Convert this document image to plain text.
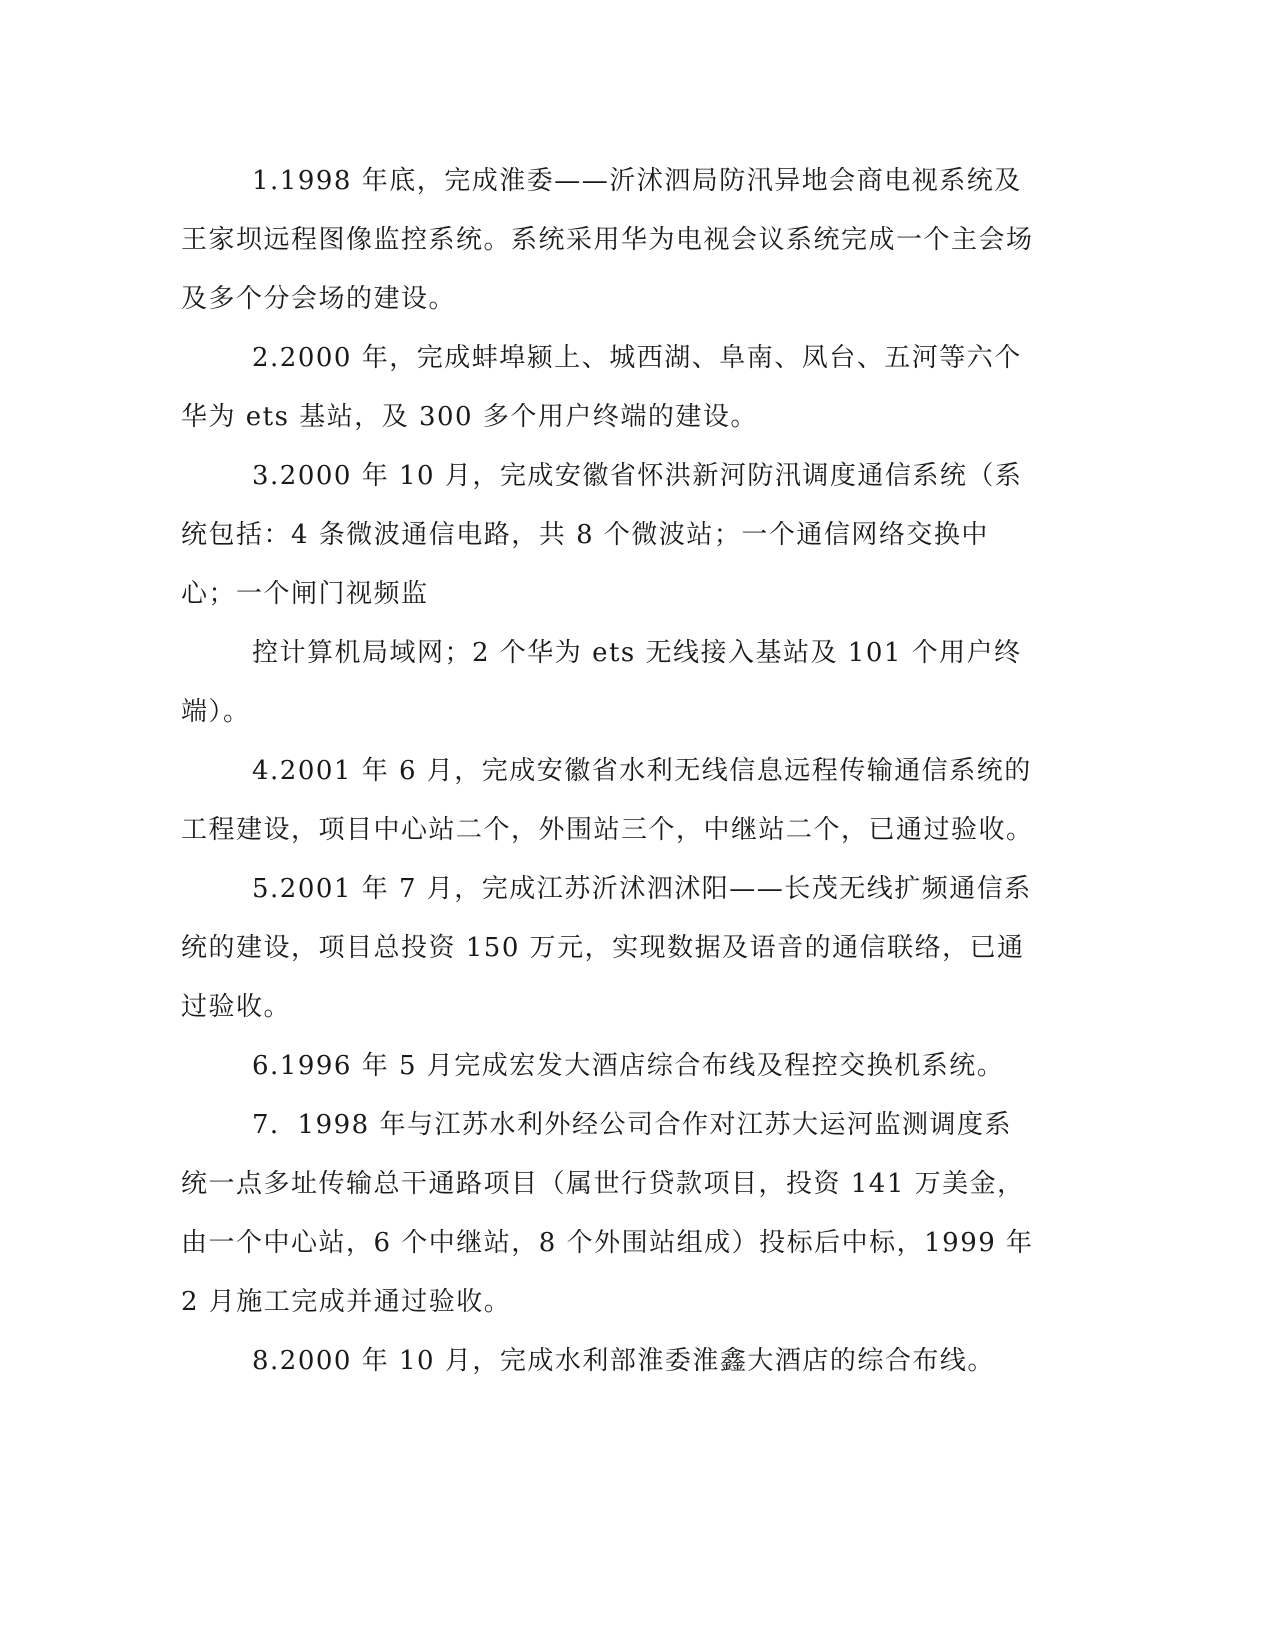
1.1998 年底，完成淮委——沂沭泗局防汛异地会商电视系统及王家坝远程图像监控系统。系统采用华为电视会议系统完成一个主会场及多个分会场的建设。

2.2000 年，完成蚌埠颍上、城西湖、阜南、凤台、五河等六个华为 ets 基站，及 300 多个用户终端的建设。

3.2000 年 10 月，完成安徽省怀洪新河防汛调度通信系统（系统包括：4 条微波通信电路，共 8 个微波站；一个通信网络交换中心；一个闸门视频监

控计算机局域网；2 个华为 ets 无线接入基站及 101 个用户终端）。

4.2001 年 6 月，完成安徽省水利无线信息远程传输通信系统的工程建设，项目中心站二个，外围站三个，中继站二个，已通过验收。

5.2001 年 7 月，完成江苏沂沭泗沭阳——长茂无线扩频通信系统的建设，项目总投资 150 万元，实现数据及语音的通信联络，已通过验收。

6.1996 年 5 月完成宏发大酒店综合布线及程控交换机系统。

7．1998 年与江苏水利外经公司合作对江苏大运河监测调度系统一点多址传输总干通路项目（属世行贷款项目，投资 141 万美金，由一个中心站，6 个中继站，8 个外围站组成）投标后中标，1999 年 2 月施工完成并通过验收。

8.2000 年 10 月，完成水利部淮委淮鑫大酒店的综合布线。
